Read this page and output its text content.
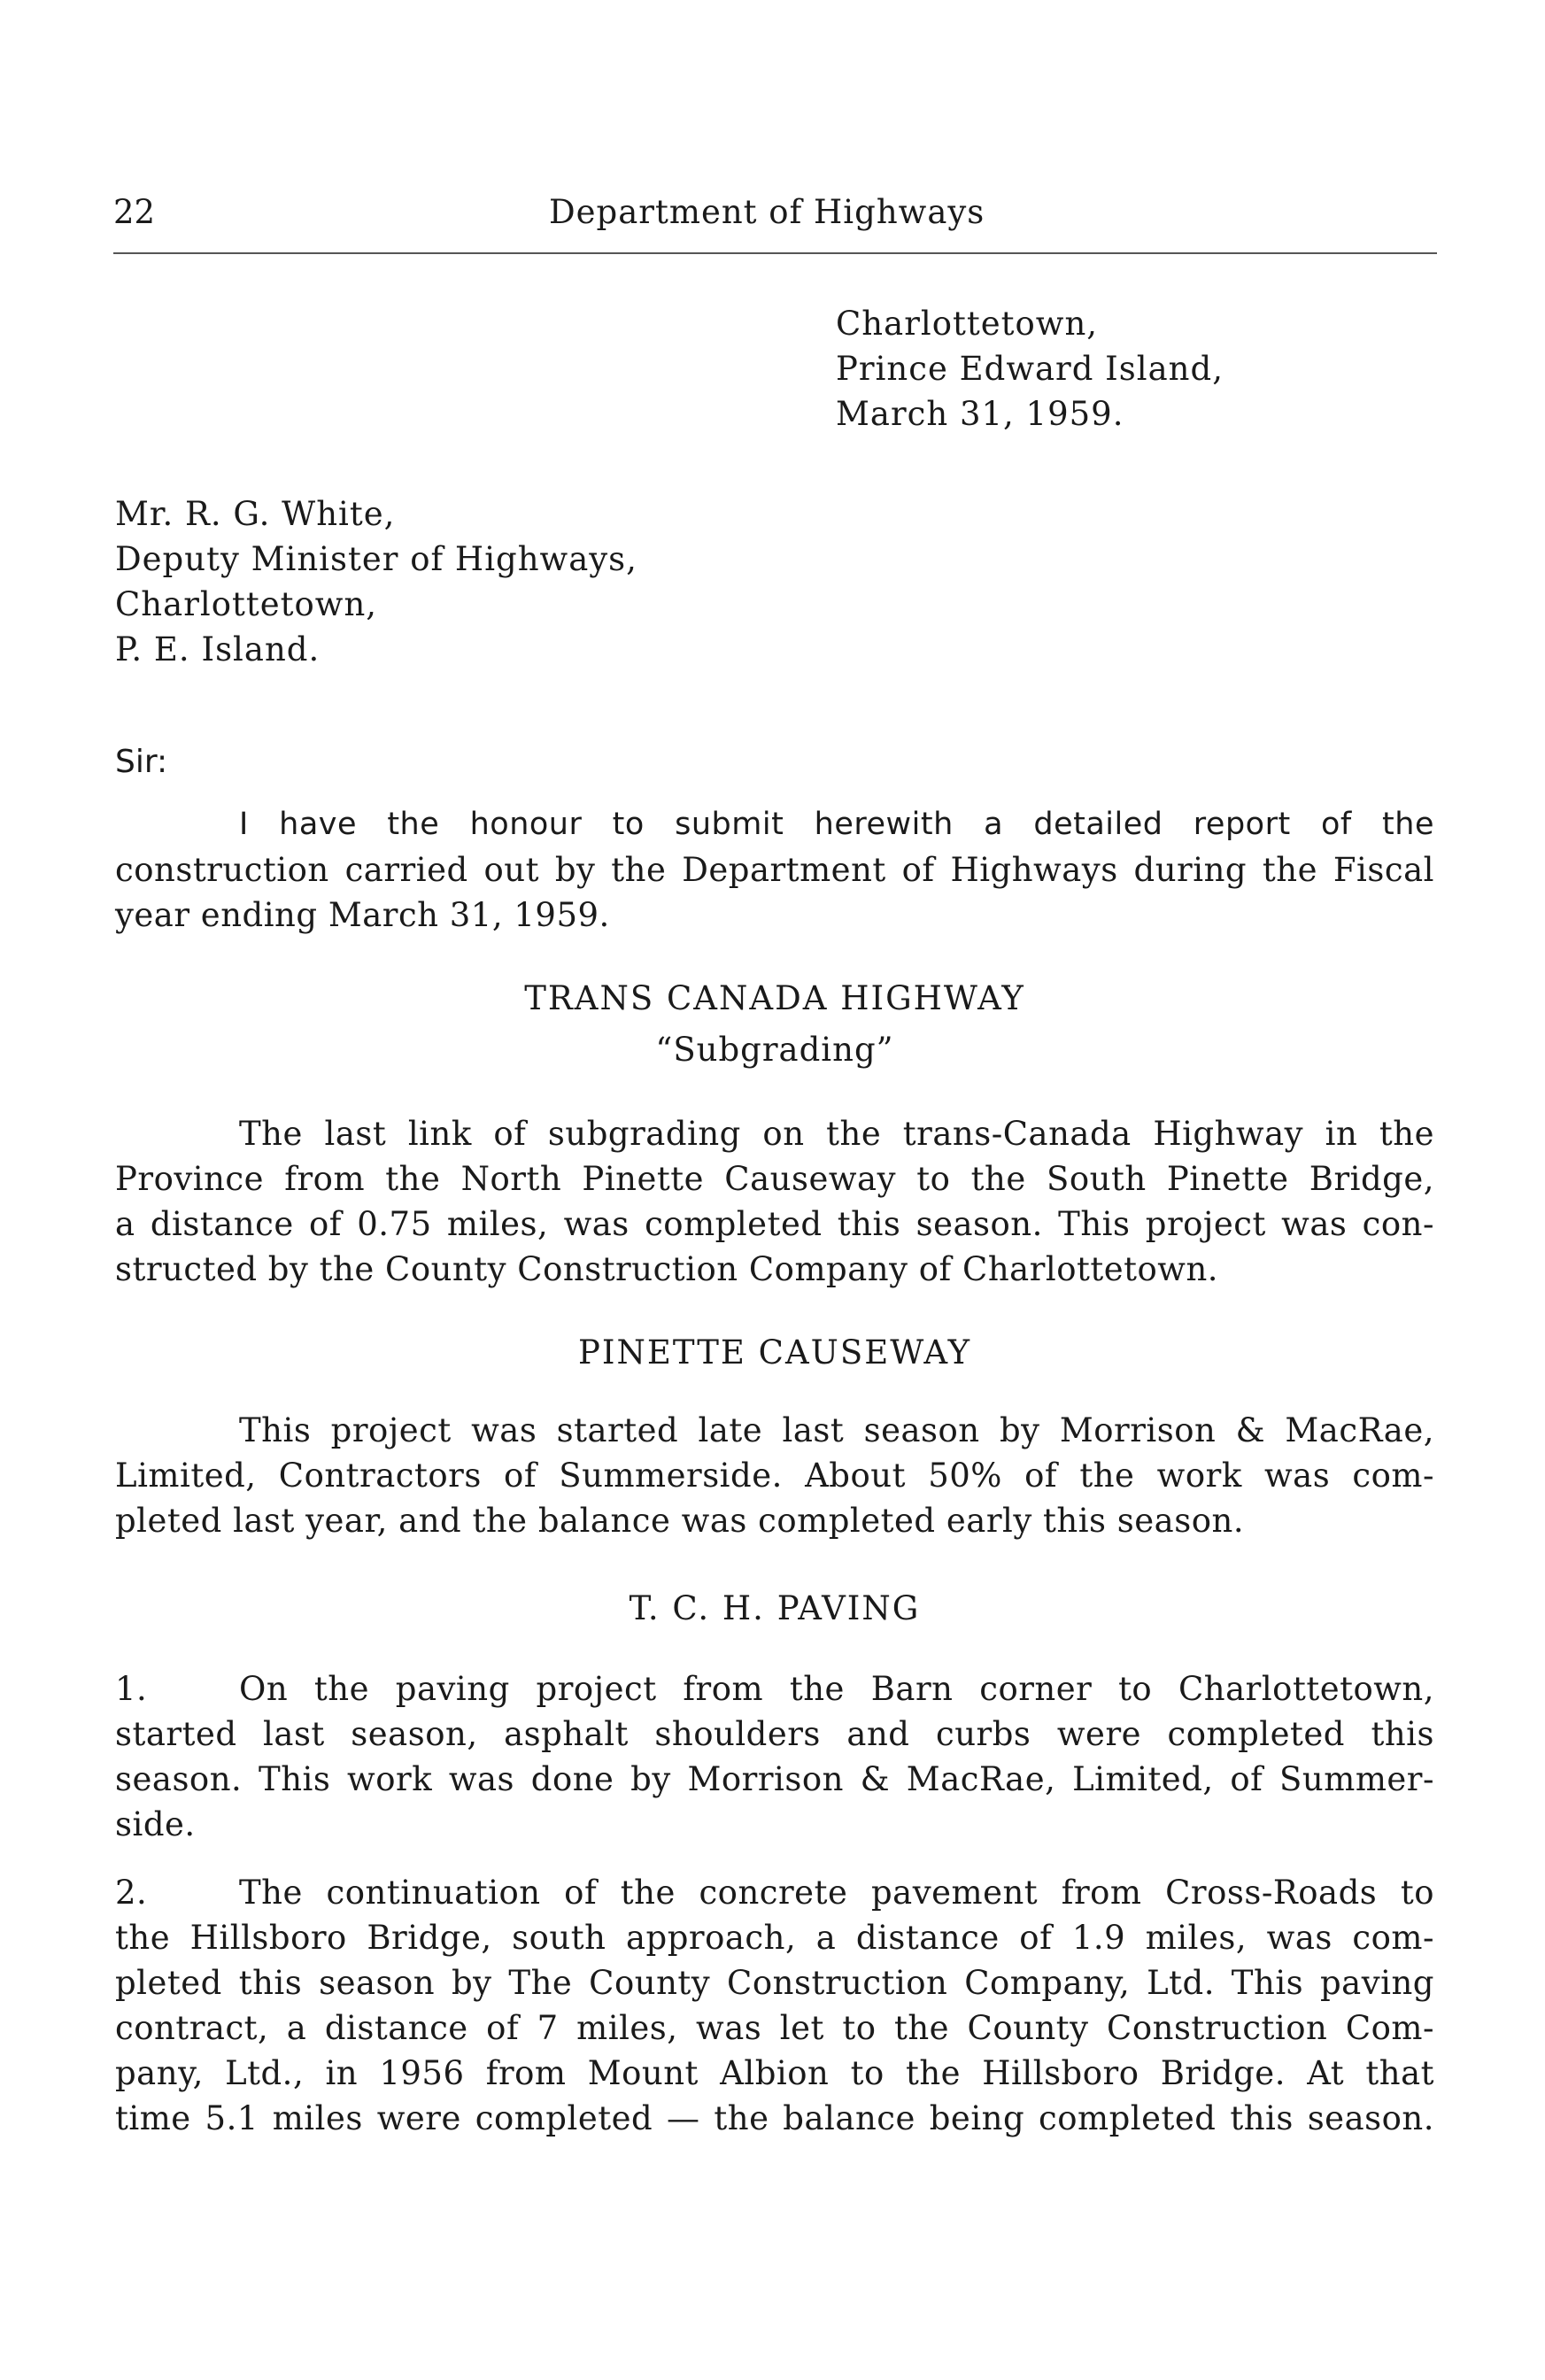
22	Department of Highways
Charlottetown,
Prince Edward Island,
March 31, 1959.
Mr. R. G. White,
Deputy Minister of Highways,
Charlottetown,
P. E. Island.
Sir:
I have the honour to submit herewith a detailed report of the
construction carried out by the Department of Highways during the Fiscal
year ending March 31, 1959.
TRANS CANADA HIGHWAY
“Subgrading”
The last link of subgrading on the trans-Canada Highway in the
Province from the North Pinette Causeway to the South Pinette Bridge,
a distance of 0.75 miles, was completed this season. This project was con-
structed by the County Construction Company of Charlottetown.
PINETTE CAUSEWAY
This project was started late last season by Morrison & MacRae,
Limited, Contractors of Summerside. About 50% of the work was com-
pleted last year, and the balance was completed early this season.
T. C. H. PAVING
1.	On the paving project from the Barn corner to Charlottetown,
started last season, asphalt shoulders and curbs were completed this
season. This work was done by Morrison & MacRae, Limited, of Summer-
side.
2.	The continuation of the concrete pavement from Cross-Roads to
the Hillsboro Bridge, south approach, a distance of 1.9 miles, was com-
pleted this season by The County Construction Company, Ltd. This paving
contract, a distance of 7 miles, was let to the County Construction Com-
pany, Ltd., in 1956 from Mount Albion to the Hillsboro Bridge. At that
time 5.1 miles were completed — the balance being completed this season.
